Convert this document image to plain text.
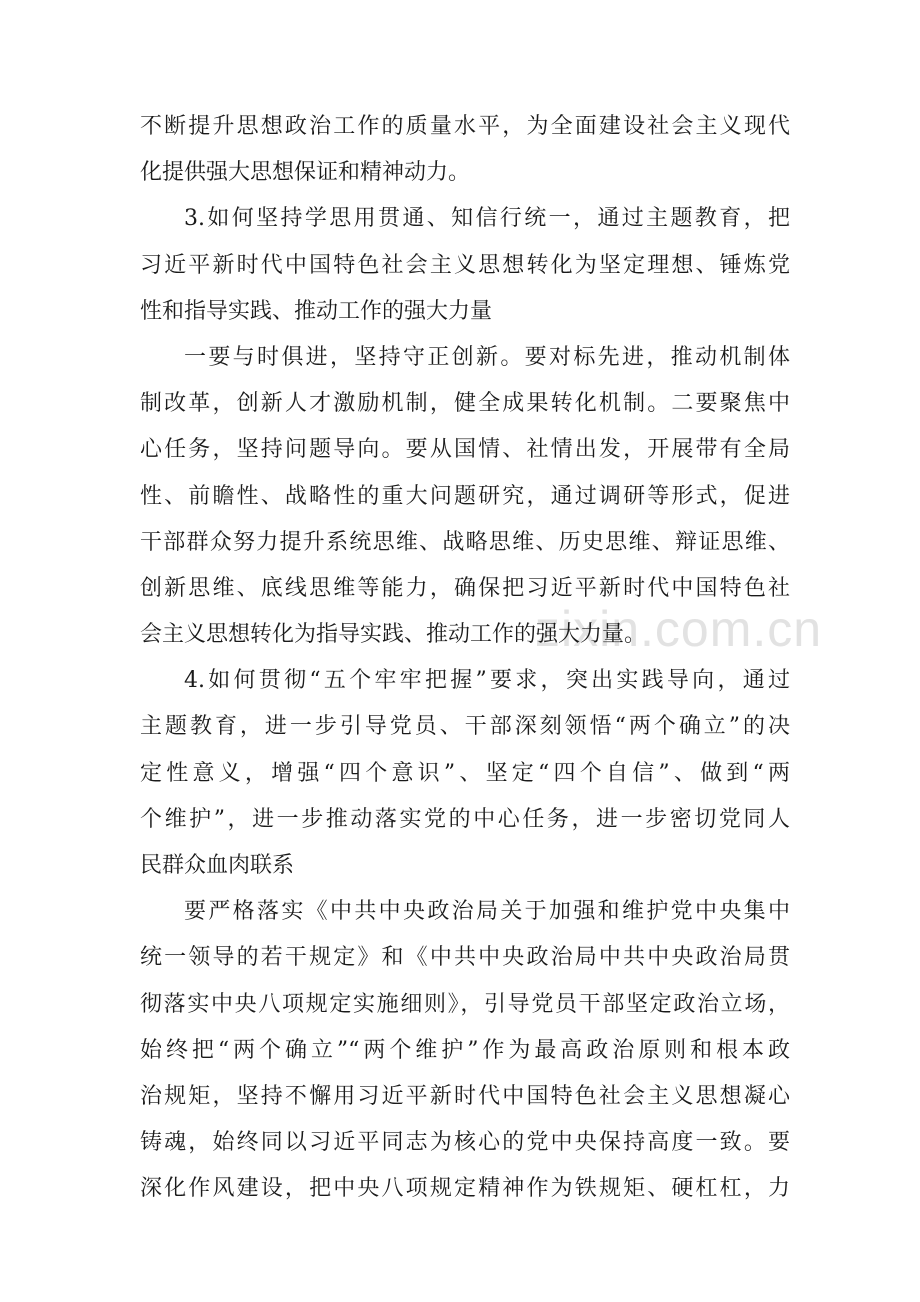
zixin.com.cn
不断提升思想政治工作的质量水平，为全面建设社会主义现代
化提供强大思想保证和精神动力。
3.如何坚持学思用贯通、知信行统一，通过主题教育，把
习近平新时代中国特色社会主义思想转化为坚定理想、锤炼党
性和指导实践、推动工作的强大力量
一要与时俱进，坚持守正创新。要对标先进，推动机制体
制改革，创新人才激励机制，健全成果转化机制。二要聚焦中
心任务，坚持问题导向。要从国情、社情出发，开展带有全局
性、前瞻性、战略性的重大问题研究，通过调研等形式，促进
干部群众努力提升系统思维、战略思维、历史思维、辩证思维、
创新思维、底线思维等能力，确保把习近平新时代中国特色社
会主义思想转化为指导实践、推动工作的强大力量。
4.如何贯彻“五个牢牢把握”要求，突出实践导向，通过
主题教育，进一步引导党员、干部深刻领悟“两个确立”的决
定性意义，增强“四个意识”、坚定“四个自信”、做到“两
个维护”，进一步推动落实党的中心任务，进一步密切党同人
民群众血肉联系
要严格落实《中共中央政治局关于加强和维护党中央集中
统一领导的若干规定》和《中共中央政治局中共中央政治局贯
彻落实中央八项规定实施细则》，引导党员干部坚定政治立场，
始终把“两个确立”“两个维护”作为最高政治原则和根本政
治规矩，坚持不懈用习近平新时代中国特色社会主义思想凝心
铸魂，始终同以习近平同志为核心的党中央保持高度一致。要
深化作风建设，把中央八项规定精神作为铁规矩、硬杠杠，力
